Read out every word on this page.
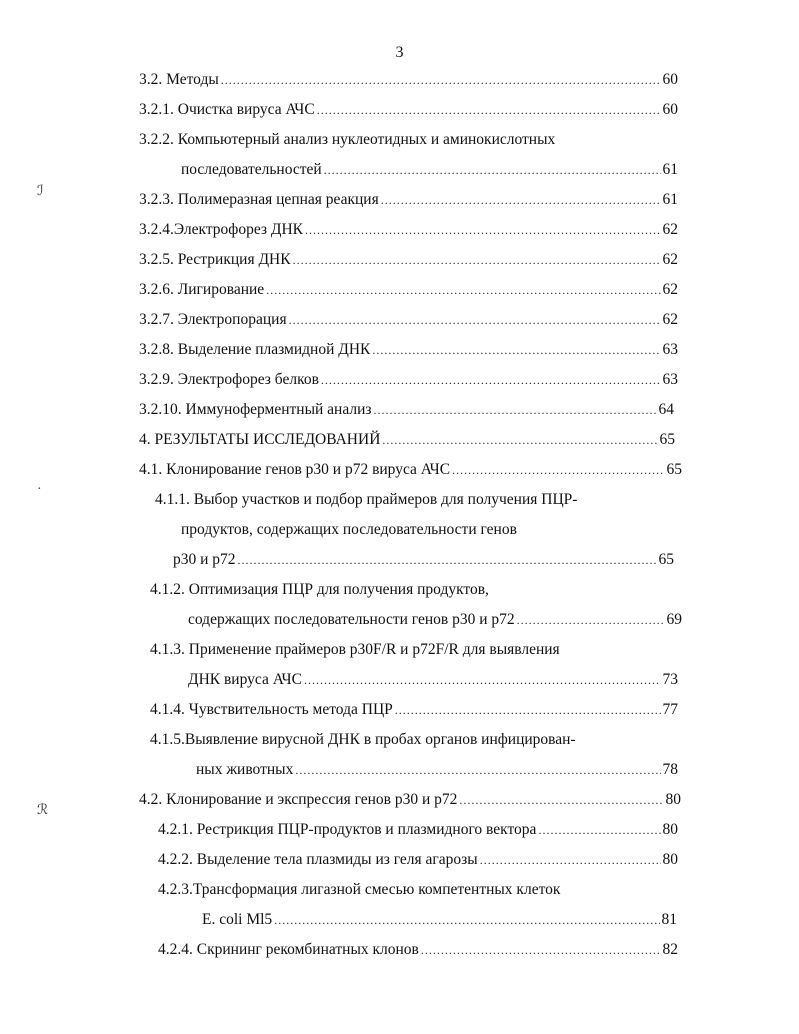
3
ℐ
·
ℛ
3.2. Методы .....	60
3.2.1. Очистка вируса АЧС .....	60
3.2.2. Компьютерный анализ нуклеотидных и аминокислотных
последовательностей .....	61
3.2.3. Полимеразная цепная реакция .....	61
3.2.4.Электрофорез ДНК .....	62
3.2.5. Рестрикция ДНК .....	62
3.2.6. Лигирование .....	62
3.2.7. Электропорация .....	62
3.2.8. Выделение плазмидной ДНК .....	63
3.2.9. Электрофорез белков .....	63
3.2.10. Иммуноферментный анализ .....	64
4. РЕЗУЛЬТАТЫ ИССЛЕДОВАНИЙ .....	65
4.1. Клонирование генов р30 и р72 вируса АЧС .....	65
4.1.1. Выбор участков и подбор праймеров для получения ПЦР-
продуктов, содержащих последовательности генов
р30 и р72 .....	65
4.1.2. Оптимизация ПЦР для получения продуктов,
содержащих последовательности генов р30 и р72 .....	69
4.1.3. Применение праймеров p30F/R и p72F/R для выявления
ДНК вируса АЧС .....	73
4.1.4. Чувствительность метода ПЦР .....	77
4.1.5.Выявление вирусной ДНК в пробах органов инфицирован-
ных животных .....	78
4.2. Клонирование и экспрессия генов р30 и р72 .....	80
4.2.1. Рестрикция ПЦР-продуктов и плазмидного вектора .....	80
4.2.2. Выделение тела плазмиды из геля агарозы .....	80
4.2.3.Трансформация лигазной смесью компетентных клеток
E. coli Ml5 .....	81
4.2.4. Скрининг рекомбинатных клонов .....	82
